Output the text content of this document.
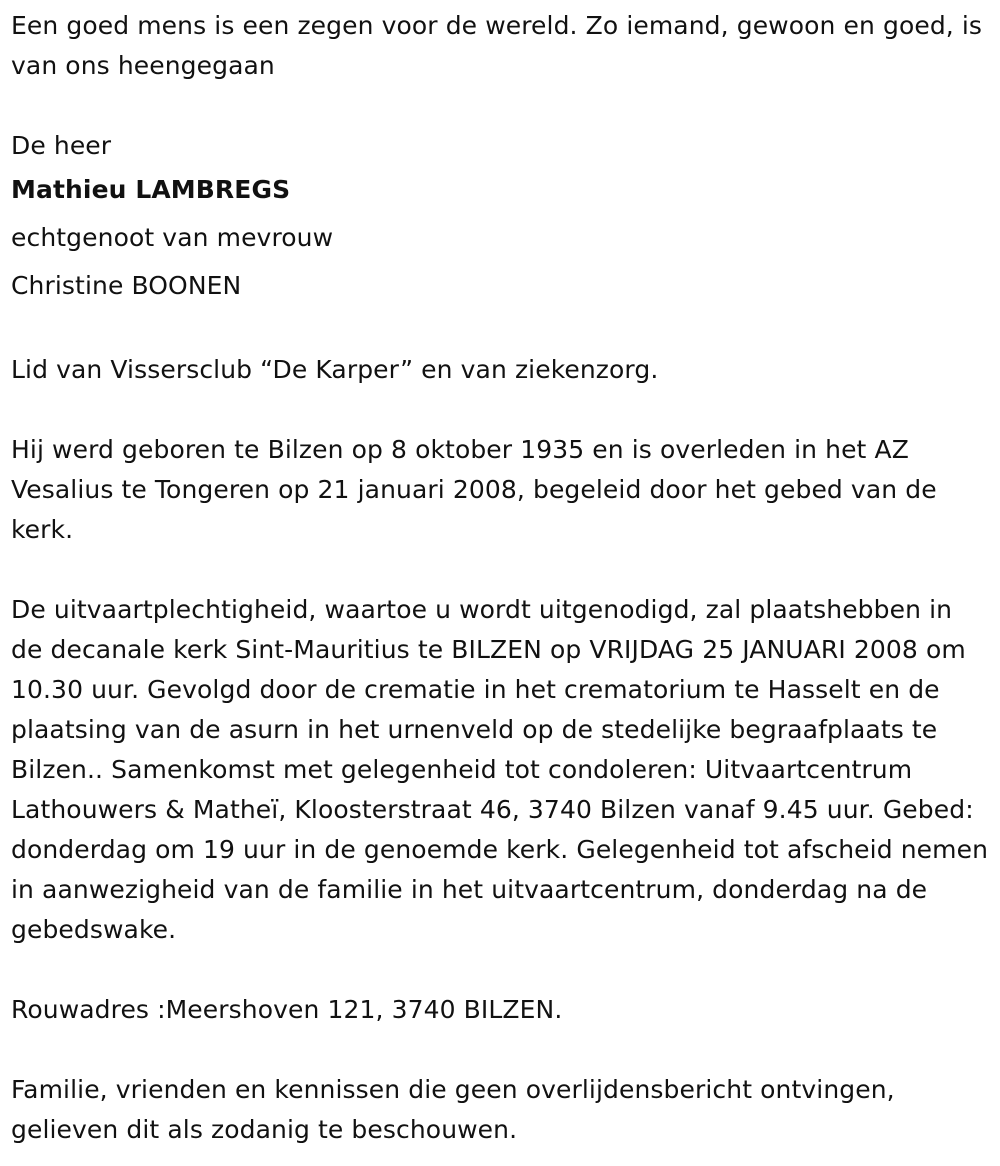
Een goed mens is een zegen voor de wereld. Zo iemand, gewoon en goed, is van ons heengegaan

De heer

Mathieu LAMBREGS

echtgenoot van mevrouw

Christine BOONEN

Lid van Vissersclub “De Karper” en van ziekenzorg.

Hij werd geboren te Bilzen op 8 oktober 1935 en is overleden in het AZ Vesalius te Tongeren op 21 januari 2008, begeleid door het gebed van de kerk.

De uitvaartplechtigheid, waartoe u wordt uitgenodigd, zal plaatshebben in de decanale kerk Sint-Mauritius te BILZEN op VRIJDAG 25 JANUARI 2008 om 10.30 uur. Gevolgd door de crematie in het crematorium te Hasselt en de plaatsing van de asurn in het urnenveld op de stedelijke begraafplaats te Bilzen.. Samenkomst met gelegenheid tot condoleren: Uitvaartcentrum Lathouwers & Matheï, Kloosterstraat 46, 3740 Bilzen vanaf 9.45 uur. Gebed: donderdag om 19 uur in de genoemde kerk. Gelegenheid tot afscheid nemen in aanwezigheid van de familie in het uitvaartcentrum, donderdag na de gebedswake.

Rouwadres :Meershoven 121, 3740 BILZEN.

Familie, vrienden en kennissen die geen overlijdensbericht ontvingen, gelieven dit als zodanig te beschouwen.
